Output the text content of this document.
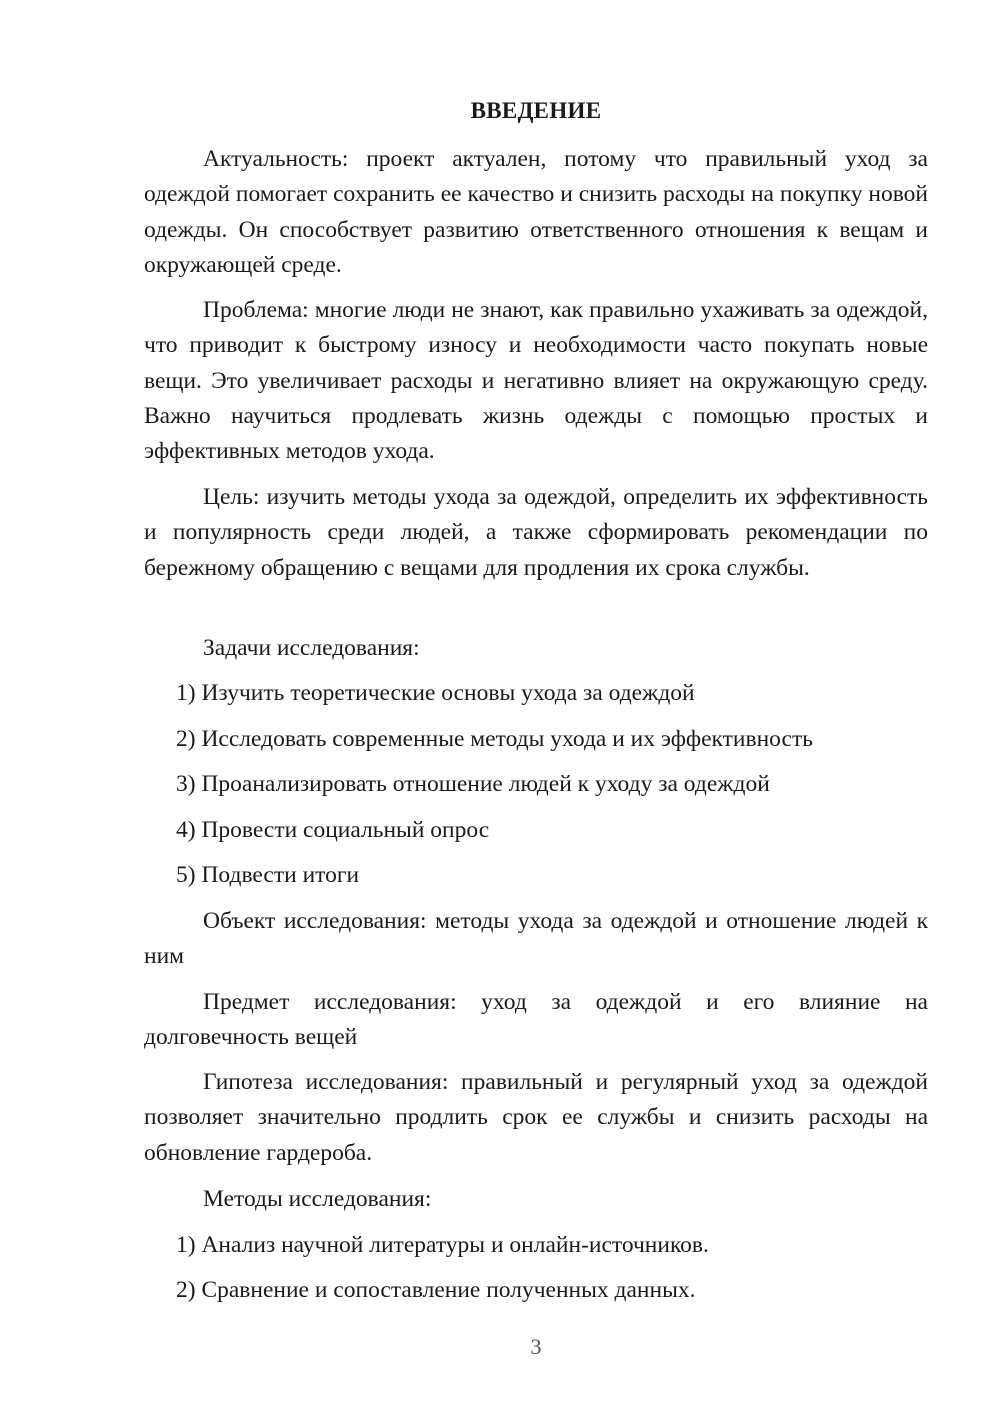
ВВЕДЕНИЕ
Актуальность: проект актуален, потому что правильный уход за одеждой помогает сохранить ее качество и снизить расходы на покупку новой одежды. Он способствует развитию ответственного отношения к вещам и окружающей среде.
Проблема: многие люди не знают, как правильно ухаживать за одеждой, что приводит к быстрому износу и необходимости часто покупать новые вещи. Это увеличивает расходы и негативно влияет на окружающую среду. Важно научиться продлевать жизнь одежды с помощью простых и эффективных методов ухода.
Цель: изучить методы ухода за одеждой, определить их эффективность и популярность среди людей, а также сформировать рекомендации по бережному обращению с вещами для продления их срока службы.
Задачи исследования:
1) Изучить теоретические основы ухода за одеждой
2) Исследовать современные методы ухода и их эффективность
3) Проанализировать отношение людей к уходу за одеждой
4) Провести социальный опрос
5) Подвести итоги
Объект исследования: методы ухода за одеждой и отношение людей к ним
Предмет исследования: уход за одеждой и его влияние на долговечность вещей
Гипотеза исследования: правильный и регулярный уход за одеждой позволяет значительно продлить срок ее службы и снизить расходы на обновление гардероба.
Методы исследования:
1) Анализ научной литературы и онлайн-источников.
2) Сравнение и сопоставление полученных данных.
3
